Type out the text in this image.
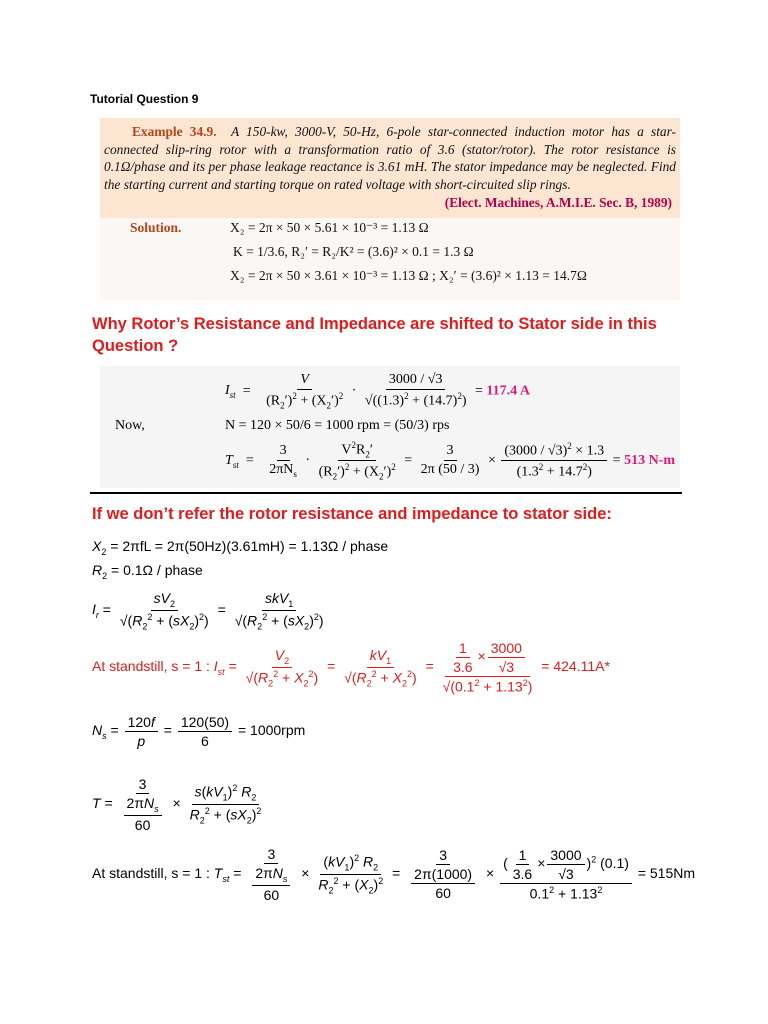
Tutorial Question 9

Example 34.9. A 150-kw, 3000-V, 50-Hz, 6-pole star-connected induction motor has a star-connected slip-ring rotor with a transformation ratio of 3.6 (stator/rotor). The rotor resistance is 0.1Ω/phase and its per phase leakage reactance is 3.61 mH. The stator impedance may be neglected. Find the starting current and starting torque on rated voltage with short-circuited slip rings.

(Elect. Machines, A.M.I.E. Sec. B, 1989)
Solution.	X₂ = 2π × 50 × 5.61 × 10⁻³ = 1.13 Ω
K = 1/3.6, R₂′ = R₂/K² = (3.6)² × 0.1 = 1.3 Ω
X₂ = 2π × 50 × 3.61 × 10⁻³ = 1.13 Ω ; X₂′ = (3.6)² × 1.13 = 14.7Ω
Why Rotor’s Resistance and Impedance are shifted to Stator side in this Question ?
$I_{st} = \frac{V}{(R_2')^2 + (X_2')^2} \cdot \frac{3000 / √3}{√((1.3)^2 + (14.7)^2)} = 117.4$ A
Now,	N = 120 × 50/6 = 1000 rpm = (50/3) rps
$T_{st} = \frac{3}{2\pi N_s} \cdot \frac{V^2R_2'}{(R_2')^2 + (X_2')^2} = \frac{3}{2\pi (50 / 3)} \times \frac{(3000 / √3)^2 \times 1.3}{(1.3^2 + 14.7^2)} = 513$ N-m
If we don’t refer the rotor resistance and impedance to stator side:
$X_2 = 2\pi fL = 2\pi(50Hz)(3.61mH) = 1.13\Omega$ / phase
$R_2 = 0.1\Omega$ / phase
$I_r = \frac{sV_2}{√(R_2^2 + (sX_2)^2)} = \frac{skV_1}{√(R_2^2 + (sX_2)^2)}$
At standstill, s = 1 : $I_{st} = \frac{V_2}{√(R_2^2 + X_2^2)} = \frac{kV_1}{√(R_2^2 + X_2^2)} = \frac{\frac{1}{3.6} \times \frac{3000}{√3}}{√(0.1^2 + 1.13^2)} = 424.11A*$
$N_s = \frac{120f}{p} = \frac{120(50)}{6} = 1000rpm$
$T = \frac{3}{\frac{2\pi N_s}{60}} \times \frac{s(kV_1)^2 R_2}{R_2^2 + (sX_2)^2}$
At standstill, s = 1 : $T_{st} = \frac{3}{\frac{2\pi N_s}{60}} \times \frac{(kV_1)^2 R_2}{R_2^2 + (X_2)^2} = \frac{3}{\frac{2\pi(1000)}{60}} \times \frac{( \frac{1}{3.6} \times \frac{3000}{√3} )^2 (0.1)}{0.1^2 + 1.13^2} = 515Nm$
